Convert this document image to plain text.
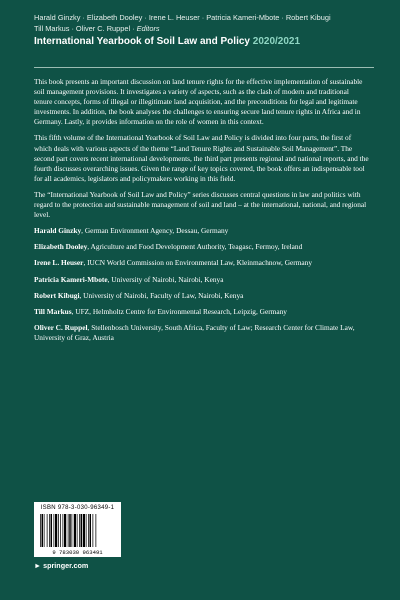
Harald Ginzky · Elizabeth Dooley · Irene L. Heuser · Patricia Kameri-Mbote · Robert Kibugi
Till Markus · Oliver C. Ruppel · Editors
International Yearbook of Soil Law and Policy 2020/2021

This book presents an important discussion on land tenure rights for the effective implementation of sustainable soil management provisions. It investigates a variety of aspects, such as the clash of modern and traditional tenure concepts, forms of illegal or illegitimate land acquisition, and the preconditions for legal and legitimate investments. In addition, the book analyses the challenges to ensuring secure land tenure rights in Africa and in Germany. Lastly, it provides information on the role of women in this context.

This fifth volume of the International Yearbook of Soil Law and Policy is divided into four parts, the first of which deals with various aspects of the theme “Land Tenure Rights and Sustainable Soil Management”. The second part covers recent international developments, the third part presents regional and national reports, and the fourth discusses overarching issues. Given the range of key topics covered, the book offers an indispensable tool for all academics, legislators and policymakers working in this field.

The “International Yearbook of Soil Law and Policy” series discusses central questions in law and politics with regard to the protection and sustainable management of soil and land – at the international, national, and regional level.

Harald Ginzky, German Environment Agency, Dessau, Germany
Elizabeth Dooley, Agriculture and Food Development Authority, Teagasc, Fermoy, Ireland
Irene L. Heuser, IUCN World Commission on Environmental Law, Kleinmachnow, Germany
Patricia Kameri-Mbote, University of Nairobi, Nairobi, Kenya
Robert Kibugi, University of Nairobi, Faculty of Law, Nairobi, Kenya
Till Markus, UFZ, Helmholtz Centre for Environmental Research, Leipzig, Germany
Oliver C. Ruppel, Stellenbosch University, South Africa, Faculty of Law; Research Center for Climate Law, University of Graz, Austria
ISBN 978-3-030-96349-1
9 783030 963491
► springer.com
